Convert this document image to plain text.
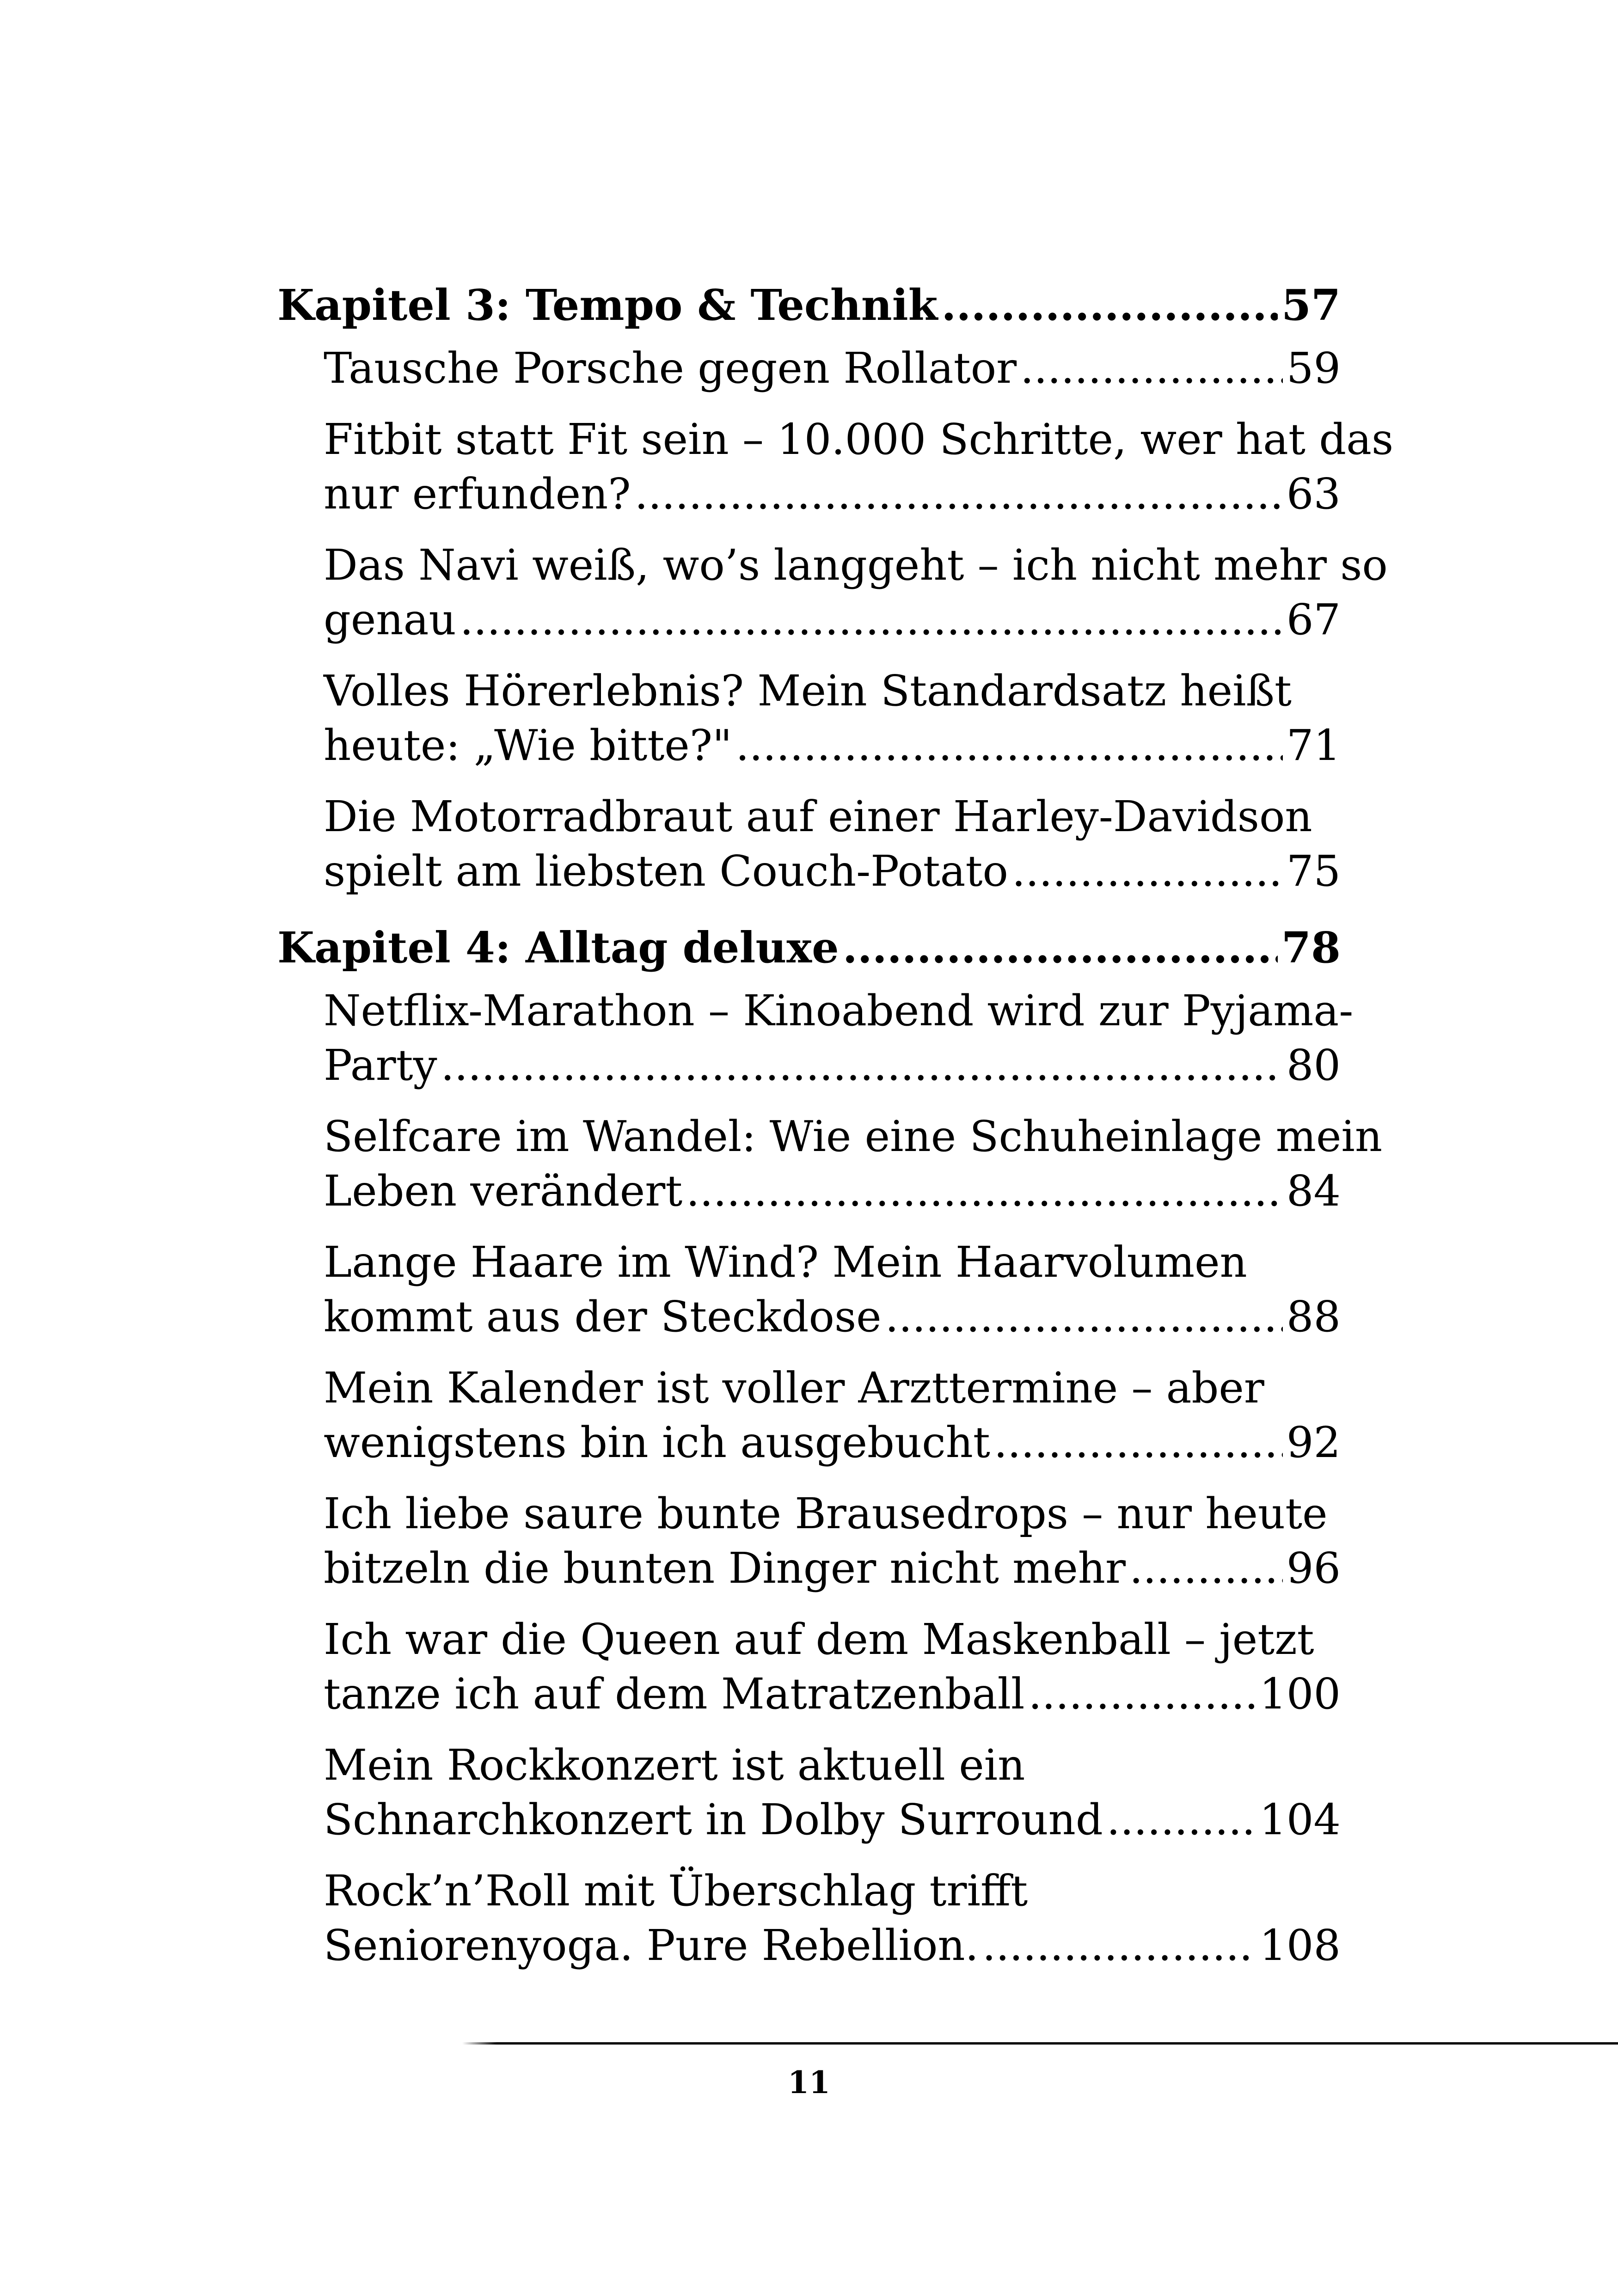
Kapitel 3: Tempo & Technik .....	57
Tausche Porsche gegen Rollator .....	59
Fitbit statt Fit sein – 10.000 Schritte, wer hat das
nur erfunden? .....	63
Das Navi weiß, wo’s langgeht – ich nicht mehr so
genau .....	67
Volles Hörerlebnis? Mein Standardsatz heißt
heute: „Wie bitte?" .....	71
Die Motorradbraut auf einer Harley-Davidson
spielt am liebsten Couch-Potato .....	75
Kapitel 4: Alltag deluxe .....	78
Netflix-Marathon – Kinoabend wird zur Pyjama-
Party .....	80
Selfcare im Wandel: Wie eine Schuheinlage mein
Leben verändert .....	84
Lange Haare im Wind? Mein Haarvolumen
kommt aus der Steckdose .....	88
Mein Kalender ist voller Arzttermine – aber
wenigstens bin ich ausgebucht .....	92
Ich liebe saure bunte Brausedrops – nur heute
bitzeln die bunten Dinger nicht mehr .....	96
Ich war die Queen auf dem Maskenball – jetzt
tanze ich auf dem Matratzenball .....	100
Mein Rockkonzert ist aktuell ein
Schnarchkonzert in Dolby Surround .....	104
Rock’n’Roll mit Überschlag trifft
Seniorenyoga. Pure Rebellion. .....	108
11
